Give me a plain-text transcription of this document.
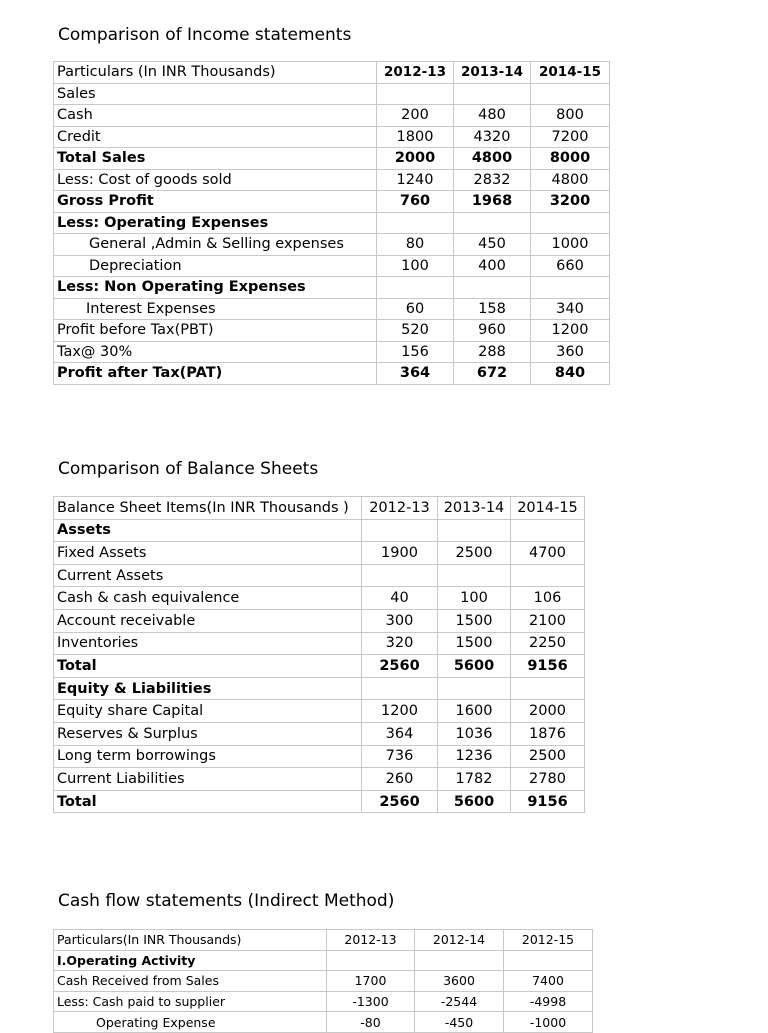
Comparison of Income statements
Particulars (In INR Thousands)	2012-13	2013-14	2014-15
Sales			
Cash	200	480	800
Credit	1800	4320	7200
Total Sales	2000	4800	8000
Less: Cost of goods sold	1240	2832	4800
Gross Profit	760	1968	3200
Less: Operating Expenses			
General ,Admin & Selling expenses	80	450	1000
Depreciation	100	400	660
Less: Non Operating Expenses			
Interest Expenses	60	158	340
Profit before Tax(PBT)	520	960	1200
Tax@ 30%	156	288	360
Profit after Tax(PAT)	364	672	840
Comparison of Balance Sheets
Balance Sheet Items(In INR Thousands )	2012-13	2013-14	2014-15
Assets			
Fixed Assets	1900	2500	4700
Current Assets			
Cash & cash equivalence	40	100	106
Account receivable	300	1500	2100
Inventories	320	1500	2250
Total	2560	5600	9156
Equity & Liabilities			
Equity share Capital	1200	1600	2000
Reserves & Surplus	364	1036	1876
Long term borrowings	736	1236	2500
Current Liabilities	260	1782	2780
Total	2560	5600	9156
Cash flow statements (Indirect Method)
Particulars(In INR Thousands)	2012-13	2012-14	2012-15
I.Operating Activity			
Cash Received from Sales	1700	3600	7400
Less: Cash paid to supplier	-1300	-2544	-4998
Operating Expense	-80	-450	-1000
